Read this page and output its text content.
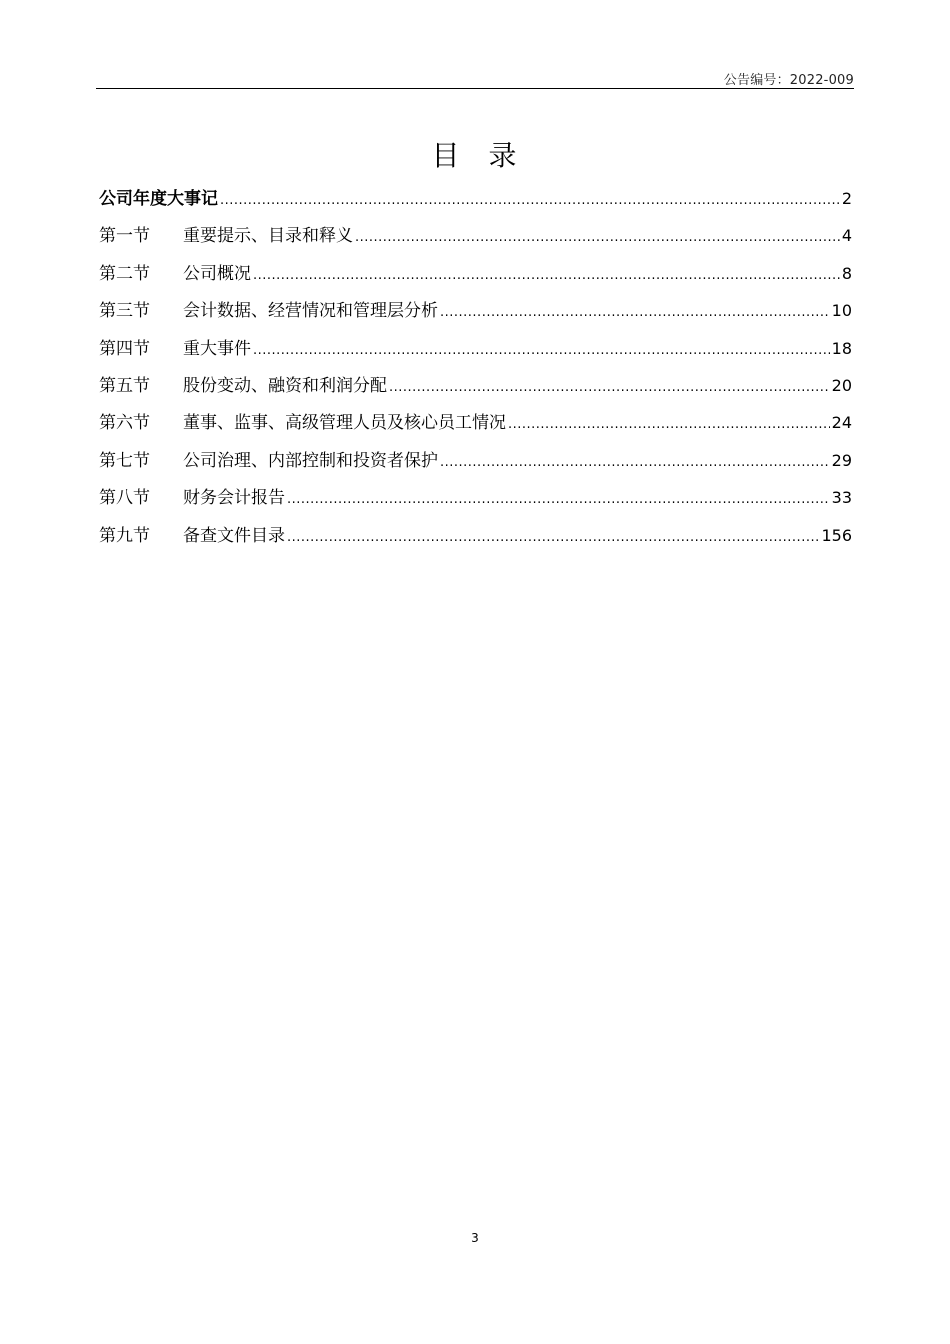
公告编号：2022-009
目 录
公司年度大事记 .....	2
第一节	重要提示、目录和释义 .....	4
第二节	公司概况 .....	8
第三节	会计数据、经营情况和管理层分析 .....	10
第四节	重大事件 .....	18
第五节	股份变动、融资和利润分配 .....	20
第六节	董事、监事、高级管理人员及核心员工情况 .....	24
第七节	公司治理、内部控制和投资者保护 .....	29
第八节	财务会计报告 .....	33
第九节	备查文件目录 .....	156
3
